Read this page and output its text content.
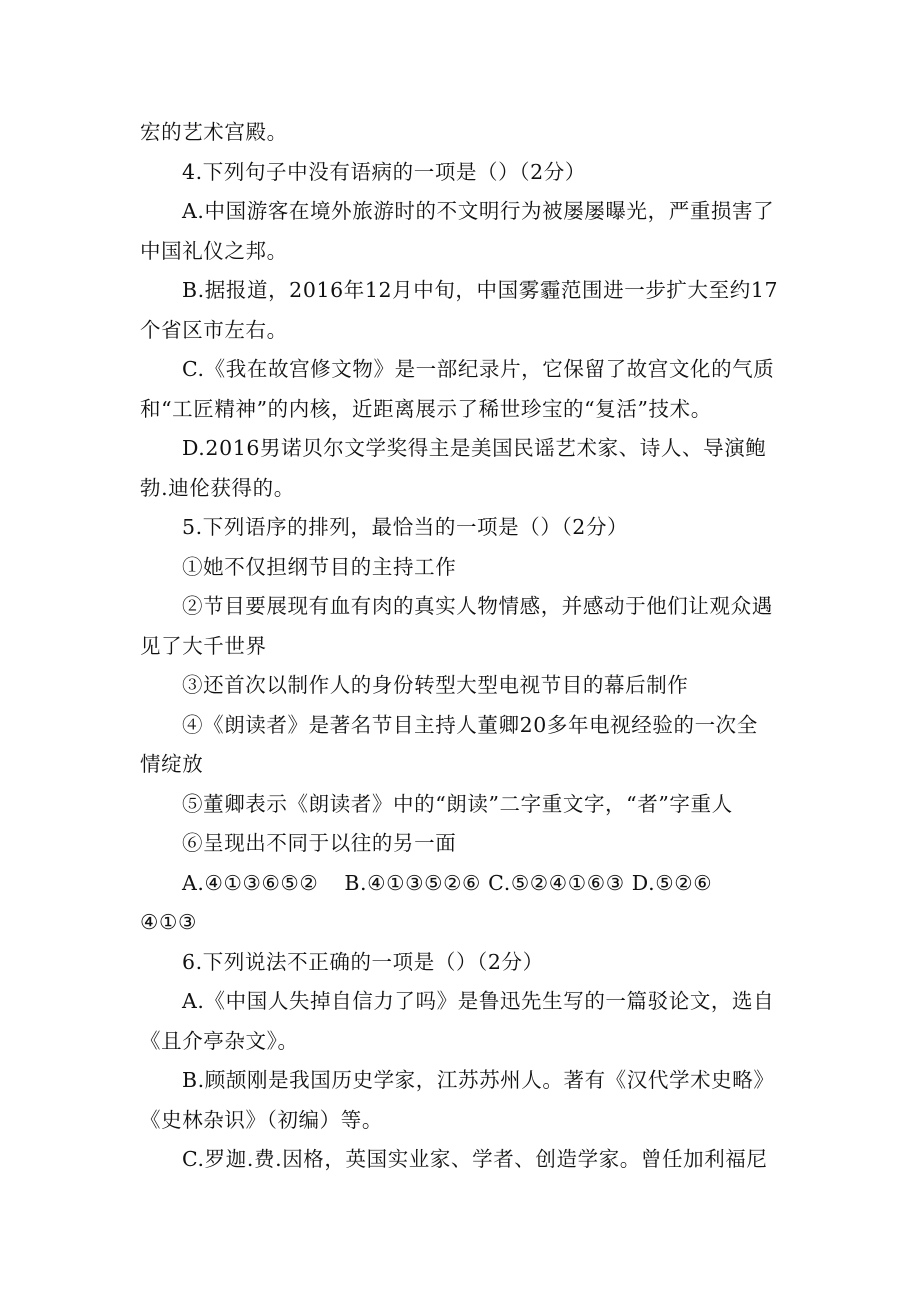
宏的艺术宫殿。
4.下列句子中没有语病的一项是（）（2分）
A.中国游客在境外旅游时的不文明行为被屡屡曝光，严重损害了
中国礼仪之邦。
B.据报道，2016年12月中旬，中国雾霾范围进一步扩大至约17
个省区市左右。
C.《我在故宫修文物》是一部纪录片，它保留了故宫文化的气质
和“工匠精神”的内核，近距离展示了稀世珍宝的“复活”技术。
D.2016男诺贝尔文学奖得主是美国民谣艺术家、诗人、导演鲍
勃.迪伦获得的。
5.下列语序的排列，最恰当的一项是（）（2分）
①她不仅担纲节目的主持工作
②节目要展现有血有肉的真实人物情感，并感动于他们让观众遇
见了大千世界
③还首次以制作人的身份转型大型电视节目的幕后制作
④《朗读者》是著名节目主持人董卿20多年电视经验的一次全
情绽放
⑤董卿表示《朗读者》中的“朗读”二字重文字，“者”字重人
⑥呈现出不同于以往的另一面
A.④①③⑥⑤② B.④①③⑤②⑥ C.⑤②④①⑥③ D.⑤②⑥
④①③
6.下列说法不正确的一项是（）（2分）
A.《中国人失掉自信力了吗》是鲁迅先生写的一篇驳论文，选自
《且介亭杂文》。
B.顾颉刚是我国历史学家，江苏苏州人。著有《汉代学术史略》
《史林杂识》（初编）等。
C.罗迦.费.因格，英国实业家、学者、创造学家。曾任加利福尼
